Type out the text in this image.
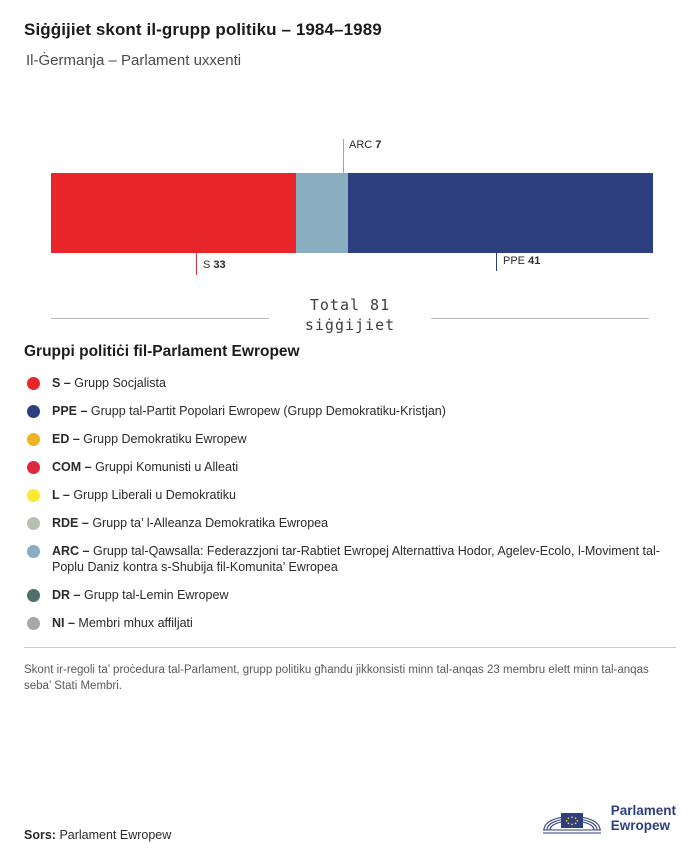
Siġġijiet skont il-grupp politiku – 1984–1989
Il-Ġermanja – Parlament uxxenti
ARC 7
S 33	PPE 41
Total 81
siġġijiet
Gruppi politiċi fil-Parlament Ewropew
S – Grupp Socjalista
PPE – Grupp tal-Partit Popolari Ewropew (Grupp Demokratiku-Kristjan)
ED – Grupp Demokratiku Ewropew
COM – Gruppi Komunisti u Alleati
L – Grupp Liberali u Demokratiku
RDE – Grupp ta’ l-Alleanza Demokratika Ewropea
ARC – Grupp tal-Qawsalla: Federazzjoni tar-Rabtiet Ewropej Alternattiva Hodor, Agelev-Ecolo, l-Moviment tal-Poplu Daniz kontra s-Shubija fil-Komunita’ Ewropea
DR – Grupp tal-Lemin Ewropew
NI – Membri mhux affiljati
Skont ir-regoli ta’ proċedura tal-Parlament, grupp politiku għandu jikkonsisti minn tal-anqas 23 membru elett minn tal-anqas seba’ Stati Membri.
Sors: Parlament Ewropew
Parlament
Ewropew
